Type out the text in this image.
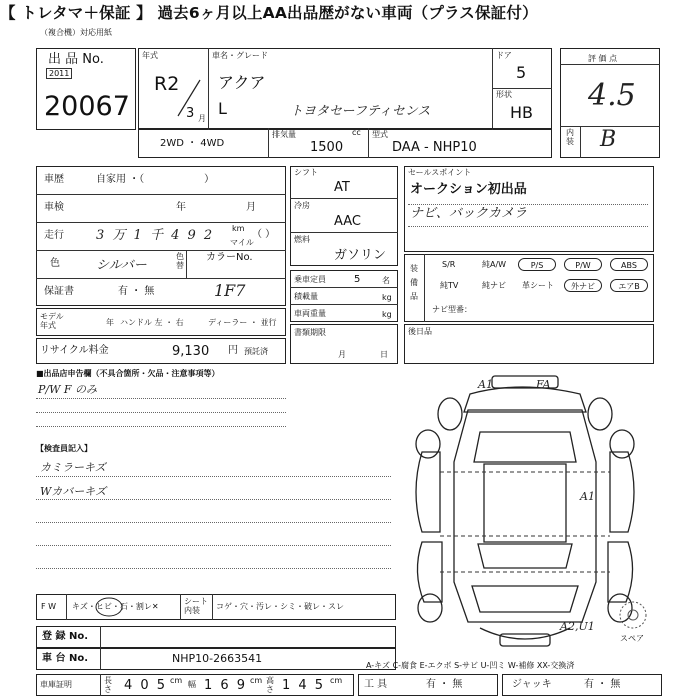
【 トレタマ＋保証 】 過去6ヶ月以上AA出品歴がない車両（プラス保証付）
（複合機）対応用紙
出 品 No.
2011
20067
年式
R2
3 月
車名・グレード
アクア
L	トヨタセーフティセンス
ドア
5
形状
HB
2WD ・ 4WD
排気量	cc
1500
型式
DAA - NHP10
評 価 点
4.5
内装 B
車歴	自家用 ・（　　　　　　）
車検	年	月
走行 3 万 1 千 4 9 2 km
マイル
（ ）
色	シルバー
色替
カラーNo.
1F7
保証書	有 ・ 無
モデル年式	年 ハンドル 左 ・ 右	ディーラー ・ 並行
リサイクル料金	9,130 円 預託済
シフト
AT
冷房
AAC
燃料
ガソリン
乗車定員	5	名
積載量	kg
車両重量	kg
書類期限
月	日
セールスポイント
オークション初出品
ナビ、バックカメラ
装備品
S/R	純A/W	P/S	P/W	ABS
純TV	純ナビ 革シート	外ナビ	エアB
ナビ型番：
後日品
■出品店申告欄（不具合箇所・欠品・注意事項等）
P/W F のみ
【検査員記入】
カミラーキズ
Wカバーキズ
F W キズ・ヒビ・石・割レ✕
シート内装	コゲ・穴・汚レ・シミ・破レ・スレ
登 録 No.
車 台 No.	NHP10-2663541
車庫証明	長さ 4 0 5 cm 幅 1 6 9 cm 高さ 1 4 5 cm 工 具	有 ・ 無	ジャッキ	有 ・ 無
A-キズ C-腐食 E-エクボ S-サビ U-凹ミ W-補修 XX-交換済
A1	FA
A1
A2,U1
スペア
